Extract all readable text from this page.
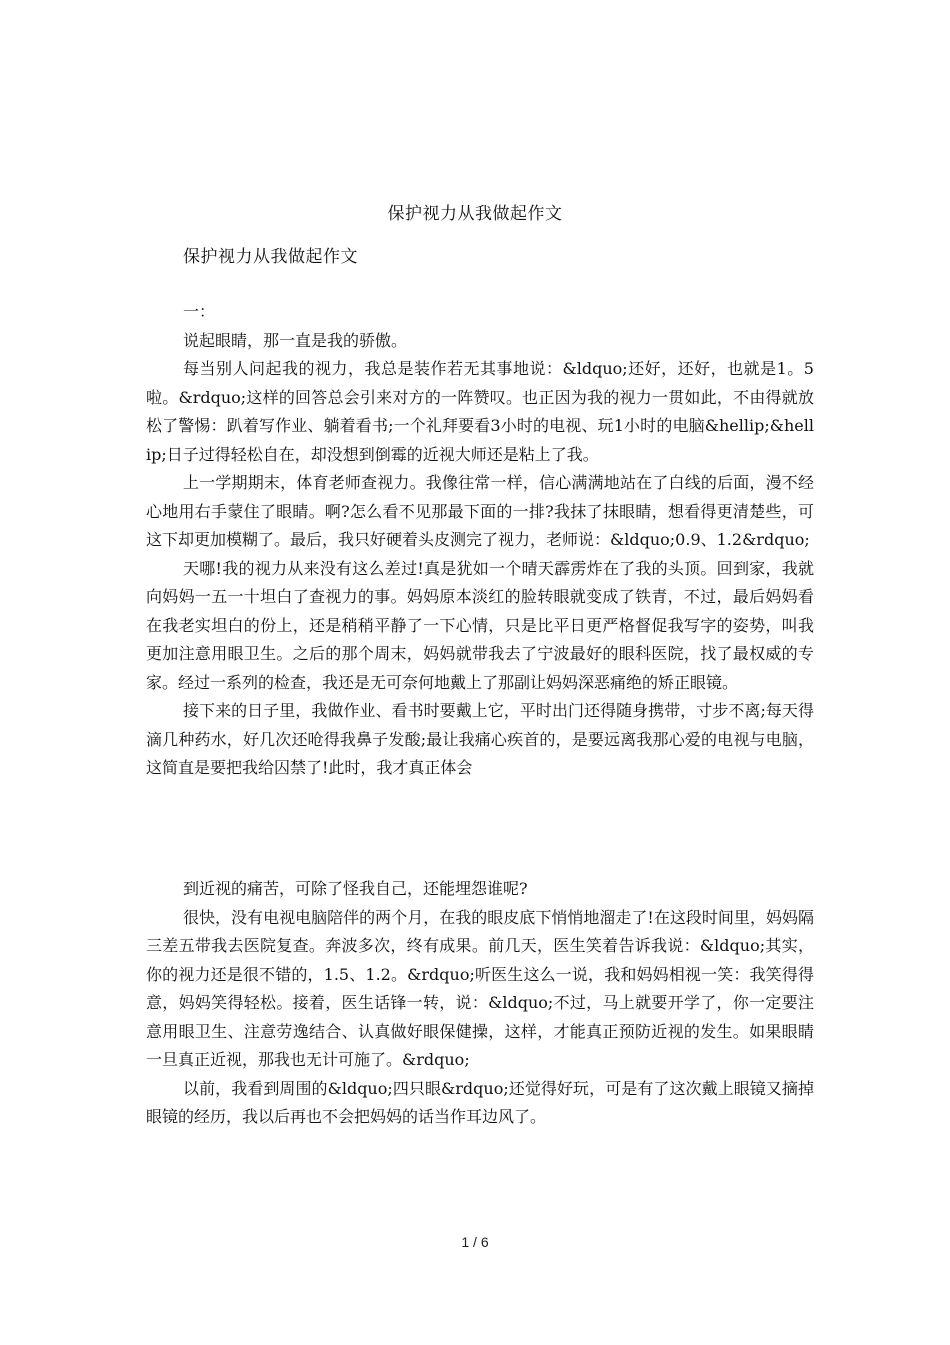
保护视力从我做起作文
保护视力从我做起作文

一：

说起眼睛，那一直是我的骄傲。

每当别人问起我的视力，我总是装作若无其事地说：&ldquo;还好，还好，也就是1。5啦。&rdquo;这样的回答总会引来对方的一阵赞叹。也正因为我的视力一贯如此，不由得就放松了警惕：趴着写作业、躺着看书;一个礼拜要看3小时的电视、玩1小时的电脑&hellip;&hellip;日子过得轻松自在，却没想到倒霉的近视大师还是粘上了我。

上一学期期末，体育老师查视力。我像往常一样，信心满满地站在了白线的后面，漫不经心地用右手蒙住了眼睛。啊?怎么看不见那最下面的一排?我抹了抹眼睛，想看得更清楚些，可这下却更加模糊了。最后，我只好硬着头皮测完了视力，老师说：&ldquo;0.9、1.2&rdquo;

天哪!我的视力从来没有这么差过!真是犹如一个晴天霹雳炸在了我的头顶。回到家，我就向妈妈一五一十坦白了查视力的事。妈妈原本淡红的脸转眼就变成了铁青，不过，最后妈妈看在我老实坦白的份上，还是稍稍平静了一下心情，只是比平日更严格督促我写字的姿势，叫我更加注意用眼卫生。之后的那个周末，妈妈就带我去了宁波最好的眼科医院，找了最权威的专家。经过一系列的检查，我还是无可奈何地戴上了那副让妈妈深恶痛绝的矫正眼镜。

接下来的日子里，我做作业、看书时要戴上它，平时出门还得随身携带，寸步不离;每天得滴几种药水，好几次还呛得我鼻子发酸;最让我痛心疾首的，是要远离我那心爱的电视与电脑，这简直是要把我给囚禁了!此时，我才真正体会

到近视的痛苦，可除了怪我自己，还能埋怨谁呢?

很快，没有电视电脑陪伴的两个月，在我的眼皮底下悄悄地溜走了!在这段时间里，妈妈隔三差五带我去医院复查。奔波多次，终有成果。前几天，医生笑着告诉我说：&ldquo;其实，你的视力还是很不错的，1.5、1.2。&rdquo;听医生这么一说，我和妈妈相视一笑：我笑得得意，妈妈笑得轻松。接着，医生话锋一转，说：&ldquo;不过，马上就要开学了，你一定要注意用眼卫生、注意劳逸结合、认真做好眼保健操，这样，才能真正预防近视的发生。如果眼睛一旦真正近视，那我也无计可施了。&rdquo;

以前，我看到周围的&ldquo;四只眼&rdquo;还觉得好玩，可是有了这次戴上眼镜又摘掉眼镜的经历，我以后再也不会把妈妈的话当作耳边风了。

1 / 6
